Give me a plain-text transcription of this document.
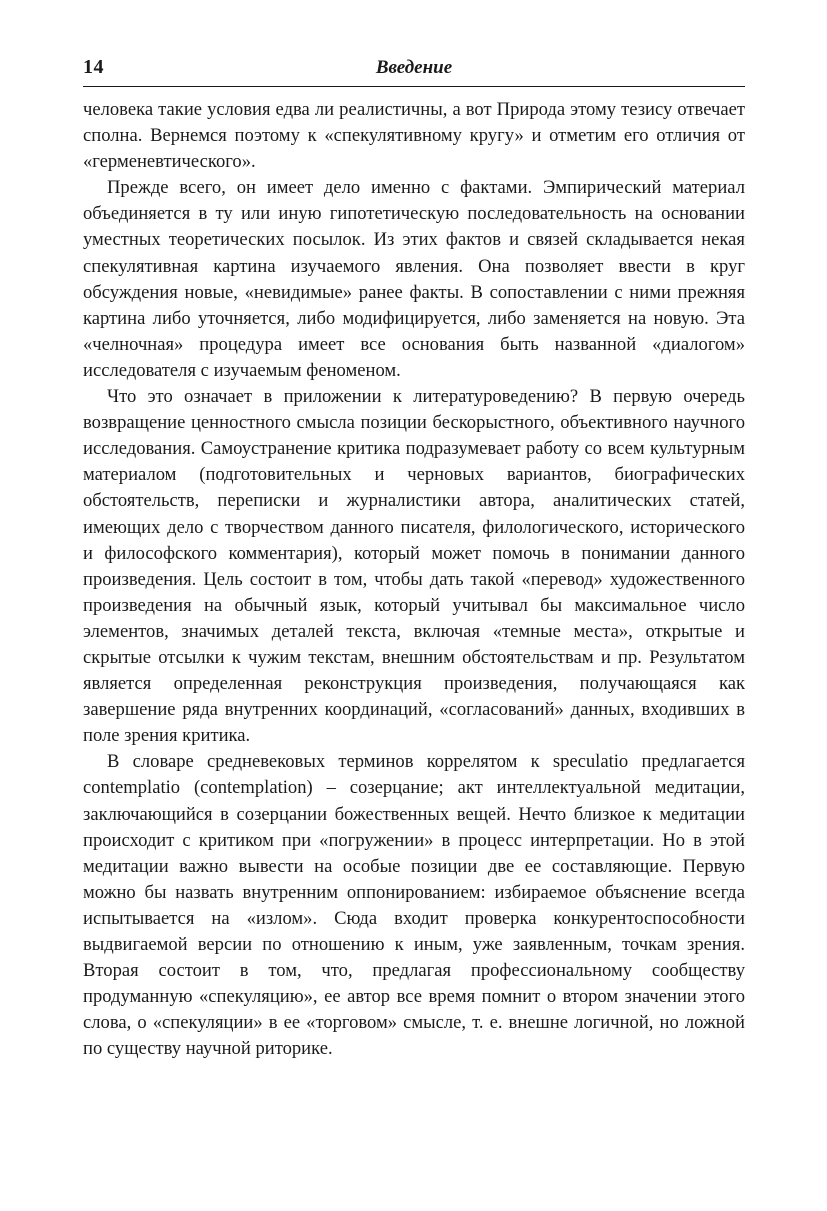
14	Введение

человека такие условия едва ли реалистичны, а вот Природа этому тезису отвечает сполна. Вернемся поэтому к «спекулятивному кругу» и отметим его отличия от «герменевтического».

Прежде всего, он имеет дело именно с фактами. Эмпирический материал объединяется в ту или иную гипотетическую последовательность на основании уместных теоретических посылок. Из этих фактов и связей складывается некая спекулятивная картина изучаемого явления. Она позволяет ввести в круг обсуждения новые, «невидимые» ранее факты. В сопоставлении с ними прежняя картина либо уточняется, либо модифицируется, либо заменяется на новую. Эта «челночная» процедура имеет все основания быть названной «диалогом» исследователя с изучаемым феноменом.

Что это означает в приложении к литературоведению? В первую очередь возвращение ценностного смысла позиции бескорыстного, объективного научного исследования. Самоустранение критика подразумевает работу со всем культурным материалом (подготовительных и черновых вариантов, биографических обстоятельств, переписки и журналистики автора, аналитических статей, имеющих дело с творчеством данного писателя, филологического, исторического и философского комментария), который может помочь в понимании данного произведения. Цель состоит в том, чтобы дать такой «перевод» художественного произведения на обычный язык, который учитывал бы максимальное число элементов, значимых деталей текста, включая «темные места», открытые и скрытые отсылки к чужим текстам, внешним обстоятельствам и пр. Результатом является определенная реконструкция произведения, получающаяся как завершение ряда внутренних координаций, «согласований» данных, входивших в поле зрения критика.

В словаре средневековых терминов коррелятом к speculatio предлагается contemplatio (contemplation) – созерцание; акт интеллектуальной медитации, заключающийся в созерцании божественных вещей. Нечто близкое к медитации происходит с критиком при «погружении» в процесс интерпретации. Но в этой медитации важно вывести на особые позиции две ее составляющие. Первую можно бы назвать внутренним оппонированием: избираемое объяснение всегда испытывается на «излом». Сюда входит проверка конкурентоспособности выдвигаемой версии по отношению к иным, уже заявленным, точкам зрения. Вторая состоит в том, что, предлагая профессиональному сообществу продуманную «спекуляцию», ее автор все время помнит о втором значении этого слова, о «спекуляции» в ее «торговом» смысле, т. е. внешне логичной, но ложной по существу научной риторике.
